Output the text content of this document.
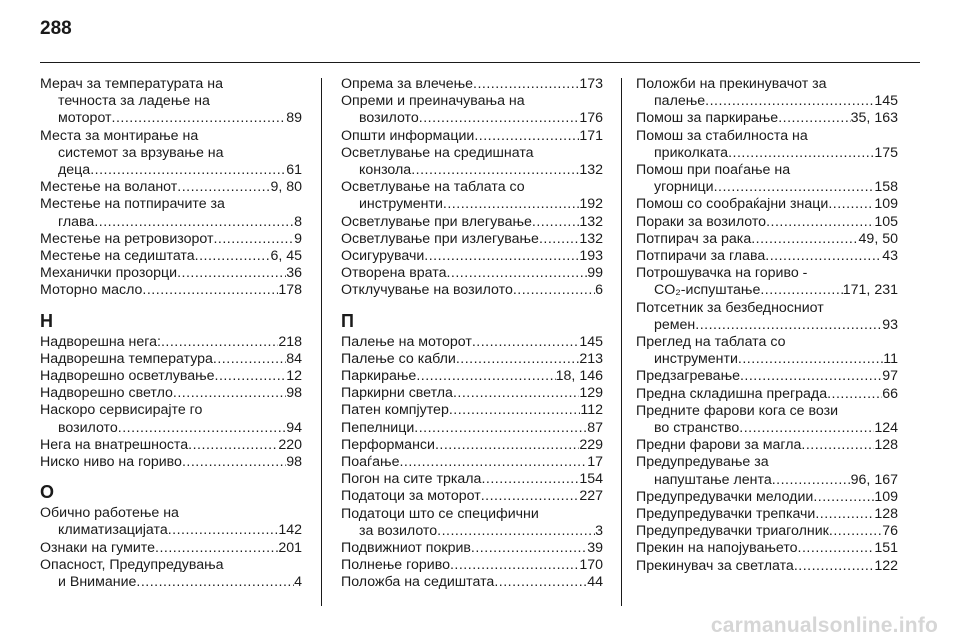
288
Мерач за температурата на
течноста за ладење на
моторот .....	89
Места за монтирање на
системот за врзување на
деца .....	61
Местење на воланот .....	9, 80
Местење на потпирачите за
глава .....	8
Местење на ретровизорот .....	9
Местење на седиштата .....	6, 45
Механички прозорци .....	36
Моторно масло .....	178
Н
Надворешна нега: .....	218
Надворешна температура .....	84
Надворешно осветлување .....	12
Надворешно светло .....	98
Наскоро сервисирајте го
возилото .....	94
Нега на внатрешноста .....	220
Ниско ниво на гориво .....	98
О
Обично работење на
климатизацијата .....	142
Ознаки на гумите .....	201
Опасност, Предупредувања
и Внимание .....	4
Опрема за влечење .....	173
Опреми и преиначувања на
возилото .....	176
Општи информации .....	171
Осветлување на средишната
конзола .....	132
Осветлување на таблата со
инструменти .....	192
Осветлување при влегување .....	132
Осветлување при излегување .....	132
Осигурувачи .....	193
Отворена врата .....	99
Отклучување на возилото .....	6
П
Палење на моторот .....	145
Палење со кабли .....	213
Паркирање .....	18, 146
Паркирни светла .....	129
Патен компјутер .....	112
Пепелници .....	87
Перформанси .....	229
Поаѓање .....	17
Погон на сите тркала .....	154
Податоци за моторот .....	227
Податоци што се специфични
за возилото .....	3
Подвижниот покрив .....	39
Полнење гориво .....	170
Положба на седиштата .....	44
Положби на прекинувачот за
палење .....	145
Помош за паркирање .....	35, 163
Помош за стабилноста на
приколката .....	175
Помош при поаѓање на
угорници .....	158
Помош со сообраќајни знаци .....	109
Пораки за возилото .....	105
Потпирач за рака .....	49, 50
Потпирачи за глава .....	43
Потрошувачка на гориво -
CO₂-испуштање .....	171, 231
Потсетник за безбедносниот
ремен .....	93
Преглед на таблата со
инструменти .....	11
Предзагревање .....	97
Предна складишна преграда .....	66
Предните фарови кога се вози
во странство .....	124
Предни фарови за магла .....	128
Предупредување за
напуштање лента .....	96, 167
Предупредувачки мелодии .....	109
Предупредувачки трепкачи .....	128
Предупредувачки триаголник .....	76
Прекин на напојувањето .....	151
Прекинувач за светлата .....	122
carmanualsonline.info
